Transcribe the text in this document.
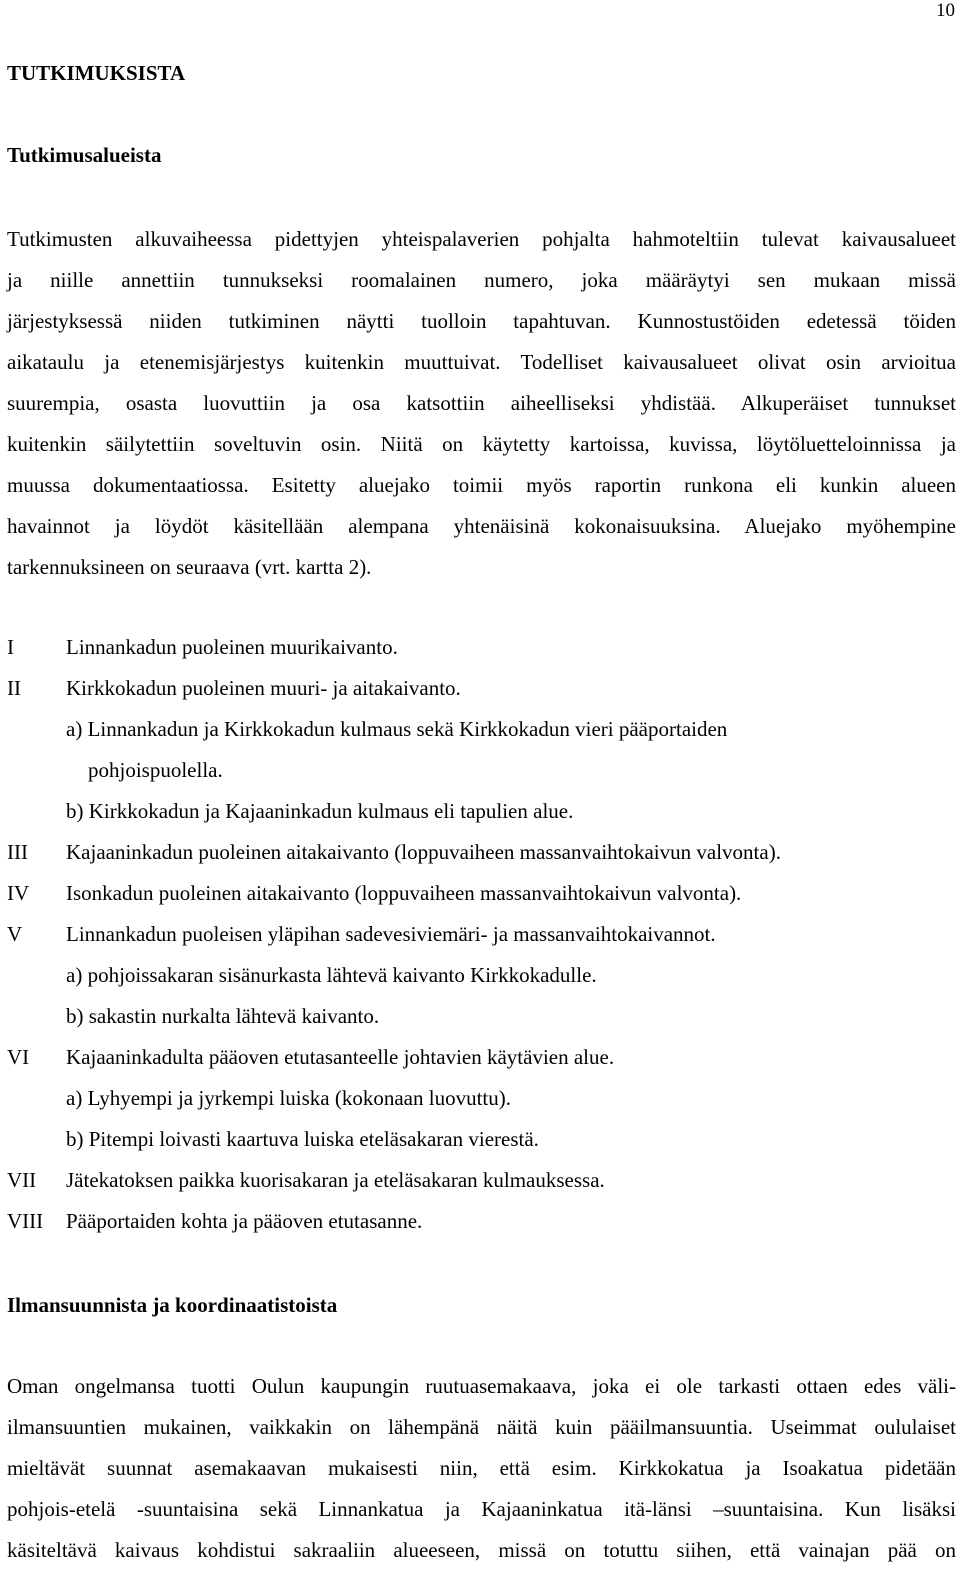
10
TUTKIMUKSISTA
Tutkimusalueista

Tutkimusten alkuvaiheessa pidettyjen yhteispalaverien pohjalta hahmoteltiin tulevat kaivausalueet
ja niille annettiin tunnukseksi roomalainen numero, joka määräytyi sen mukaan missä
järjestyksessä niiden tutkiminen näytti tuolloin tapahtuvan. Kunnostustöiden edetessä töiden
aikataulu ja etenemisjärjestys kuitenkin muuttuivat. Todelliset kaivausalueet olivat osin arvioitua
suurempia, osasta luovuttiin ja osa katsottiin aiheelliseksi yhdistää. Alkuperäiset tunnukset
kuitenkin säilytettiin soveltuvin osin. Niitä on käytetty kartoissa, kuvissa, löytöluetteloinnissa ja
muussa dokumentaatiossa. Esitetty aluejako toimii myös raportin runkona eli kunkin alueen
havainnot ja löydöt käsitellään alempana yhtenäisinä kokonaisuuksina. Aluejako myöhempine
tarkennuksineen on seuraava (vrt. kartta 2).

I Linnankadun puoleinen muurikaivanto.
II Kirkkokadun puoleinen muuri- ja aitakaivanto.
a) Linnankadun ja Kirkkokadun kulmaus sekä Kirkkokadun vieri pääportaiden
pohjoispuolella.
b) Kirkkokadun ja Kajaaninkadun kulmaus eli tapulien alue.
III Kajaaninkadun puoleinen aitakaivanto (loppuvaiheen massanvaihtokaivun valvonta).
IV Isonkadun puoleinen aitakaivanto (loppuvaiheen massanvaihtokaivun valvonta).
V Linnankadun puoleisen yläpihan sadevesiviemäri- ja massanvaihtokaivannot.
a) pohjoissakaran sisänurkasta lähtevä kaivanto Kirkkokadulle.
b) sakastin nurkalta lähtevä kaivanto.
VI Kajaaninkadulta pääoven etutasanteelle johtavien käytävien alue.
a) Lyhyempi ja jyrkempi luiska (kokonaan luovuttu).
b) Pitempi loivasti kaartuva luiska eteläsakaran vierestä.
VII Jätekatoksen paikka kuorisakaran ja eteläsakaran kulmauksessa.
VIII Pääportaiden kohta ja pääoven etutasanne.
Ilmansuunnista ja koordinaatistoista

Oman ongelmansa tuotti Oulun kaupungin ruutuasemakaava, joka ei ole tarkasti ottaen edes väli-
ilmansuuntien mukainen, vaikkakin on lähempänä näitä kuin pääilmansuuntia. Useimmat oululaiset
mieltävät suunnat asemakaavan mukaisesti niin, että esim. Kirkkokatua ja Isoakatua pidetään
pohjois-etelä -suuntaisina sekä Linnankatua ja Kajaaninkatua itä-länsi –suuntaisina. Kun lisäksi
käsiteltävä kaivaus kohdistui sakraaliin alueeseen, missä on totuttu siihen, että vainajan pää on
